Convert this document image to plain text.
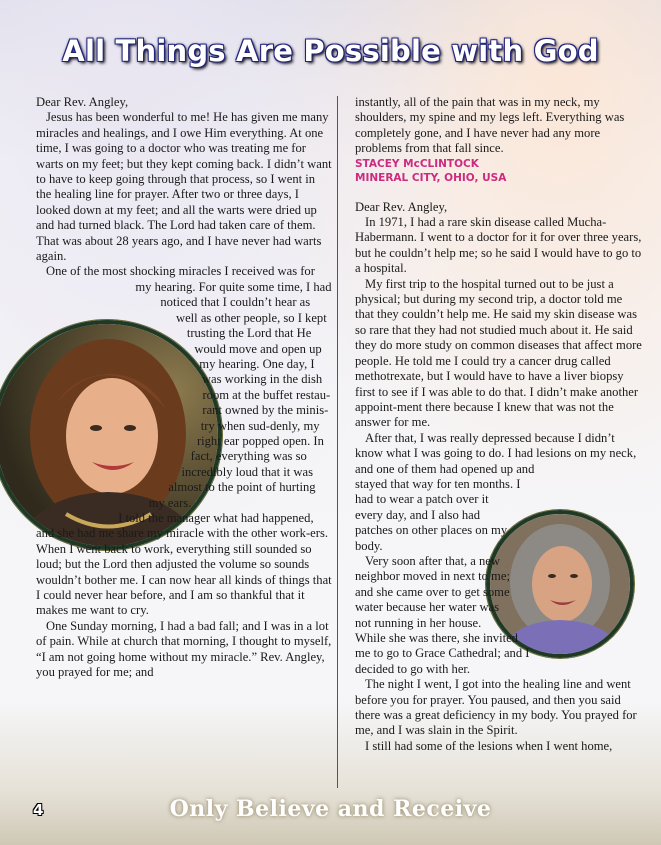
All Things Are Possible with God

Dear Rev. Angley,

Jesus has been wonderful to me! He has given me many miracles and healings, and I owe Him everything. At one time, I was going to a doctor who was treating me for warts on my feet; but they kept coming back. I didn’t want to have to keep going through that process, so I went in the healing line for prayer. After two or three days, I looked down at my feet; and all the warts were dried up and had turned black. The Lord had taken care of them. That was about 28 years ago, and I have never had warts again.

One of the most shocking miracles I received was for my hearing. For quite some time, I had noticed that I couldn’t hear as well as other people, so I kept trusting the Lord that He would move and open up my hearing. One day, I was working in the dish room at the buffet restau-rant owned by the minis-try when sud-denly, my right ear popped open. In fact, everything was so incredibly loud that it was almost to the point of hurting my ears.

I told the manager what had happened, and she had me share my miracle with the other work-ers. When I went back to work, everything still sounded so loud; but the Lord then adjusted the volume so sounds wouldn’t bother me. I can now hear all kinds of things that I could never hear before, and I am so thankful that it makes me want to cry.

One Sunday morning, I had a bad fall; and I was in a lot of pain. While at church that morning, I thought to myself, “I am not going home without my miracle.” Rev. Angley, you prayed for me; and

instantly, all of the pain that was in my neck, my shoulders, my spine and my legs left. Everything was completely gone, and I have never had any more problems from that fall since.

STACEY McCLINTOCK

MINERAL CITY, OHIO, USA

Dear Rev. Angley,

In 1971, I had a rare skin disease called Mucha-Habermann. I went to a doctor for it for over three years, but he couldn’t help me; so he said I would have to go to a hospital.

My first trip to the hospital turned out to be just a physical; but during my second trip, a doctor told me that they couldn’t help me. He said my skin disease was so rare that they had not studied much about it. He said they do more study on common diseases that affect more people. He told me I could try a cancer drug called methotrexate, but I would have to have a liver biopsy first to see if I was able to do that. I didn’t make another appoint-ment there because I knew that was not the answer for me.

After that, I was really depressed because I didn’t know what I was going to do. I had lesions on my neck, and one of them had opened up and stayed that way for ten months. I had to wear a patch over it every day, and I also had patches on other places on my body.

Very soon after that, a new neighbor moved in next to me; and she came over to get some water because her water was not running in her house. While she was there, she invited me to go to Grace Cathedral; and I decided to go with her.

The night I went, I got into the healing line and went before you for prayer. You paused, and then you said there was a great deficiency in my body. You prayed for me, and I was slain in the Spirit.

I still had some of the lesions when I went home,

4	Only Believe and Receive
